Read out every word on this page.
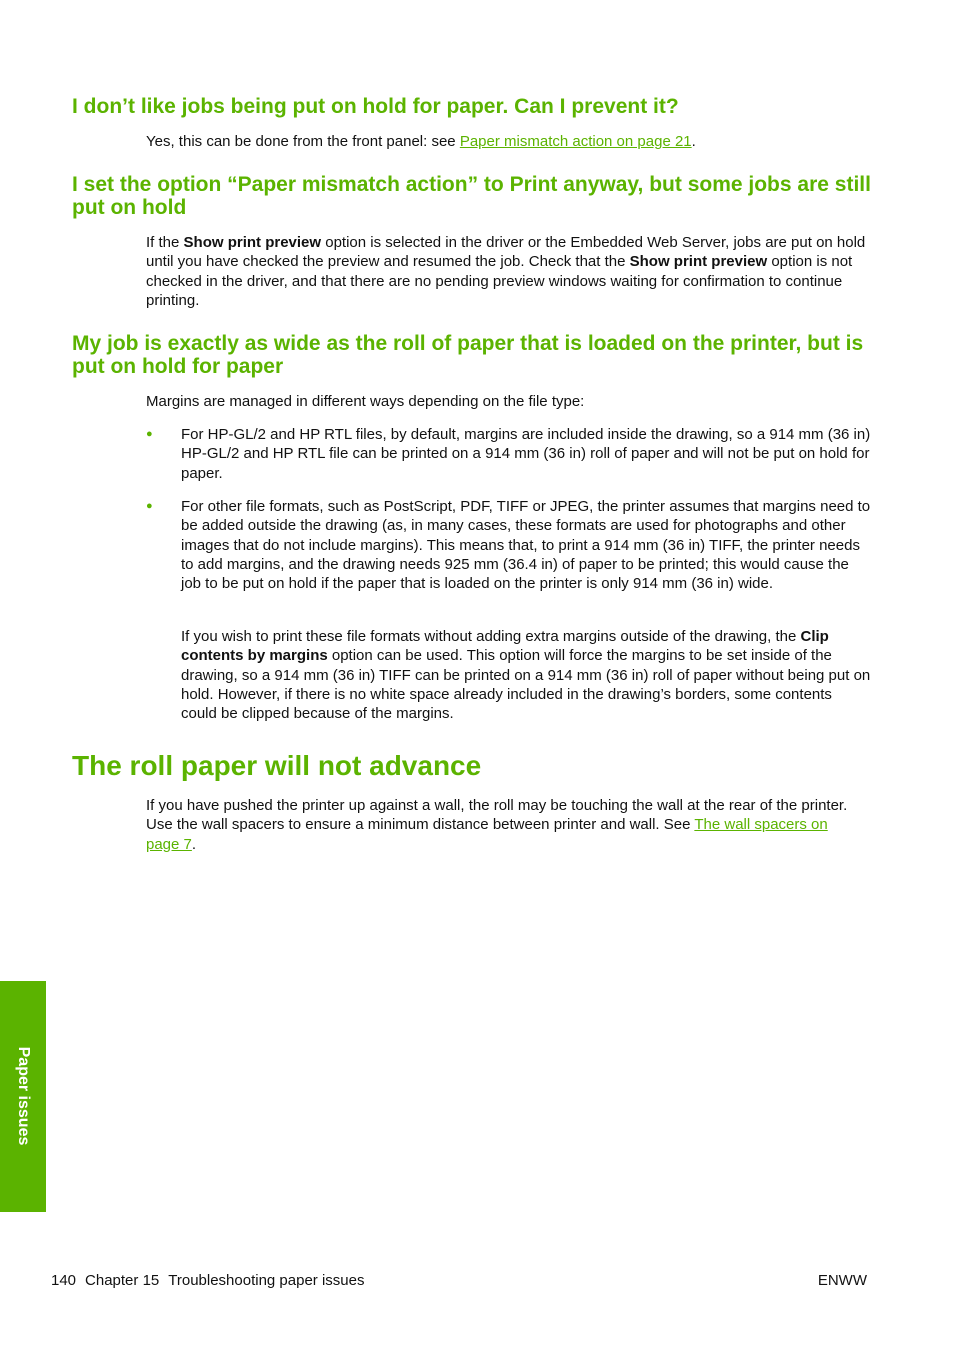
I don’t like jobs being put on hold for paper. Can I prevent it?

Yes, this can be done from the front panel: see Paper mismatch action on page 21.

I set the option “Paper mismatch action” to Print anyway, but some jobs are still put on hold

If the Show print preview option is selected in the driver or the Embedded Web Server, jobs are put on hold until you have checked the preview and resumed the job. Check that the Show print preview option is not checked in the driver, and that there are no pending preview windows waiting for confirmation to continue printing.

My job is exactly as wide as the roll of paper that is loaded on the printer, but is put on hold for paper

Margins are managed in different ways depending on the file type:

● For HP-GL/2 and HP RTL files, by default, margins are included inside the drawing, so a 914 mm (36 in) HP-GL/2 and HP RTL file can be printed on a 914 mm (36 in) roll of paper and will not be put on hold for paper.

● For other file formats, such as PostScript, PDF, TIFF or JPEG, the printer assumes that margins need to be added outside the drawing (as, in many cases, these formats are used for photographs and other images that do not include margins). This means that, to print a 914 mm (36 in) TIFF, the printer needs to add margins, and the drawing needs 925 mm (36.4 in) of paper to be printed; this would cause the job to be put on hold if the paper that is loaded on the printer is only 914 mm (36 in) wide.

If you wish to print these file formats without adding extra margins outside of the drawing, the Clip contents by margins option can be used. This option will force the margins to be set inside of the drawing, so a 914 mm (36 in) TIFF can be printed on a 914 mm (36 in) roll of paper without being put on hold. However, if there is no white space already included in the drawing’s borders, some contents could be clipped because of the margins.

The roll paper will not advance

If you have pushed the printer up against a wall, the roll may be touching the wall at the rear of the printer. Use the wall spacers to ensure a minimum distance between printer and wall. See The wall spacers on page 7.

Paper issues
140 Chapter 15 Troubleshooting paper issues	ENWW
